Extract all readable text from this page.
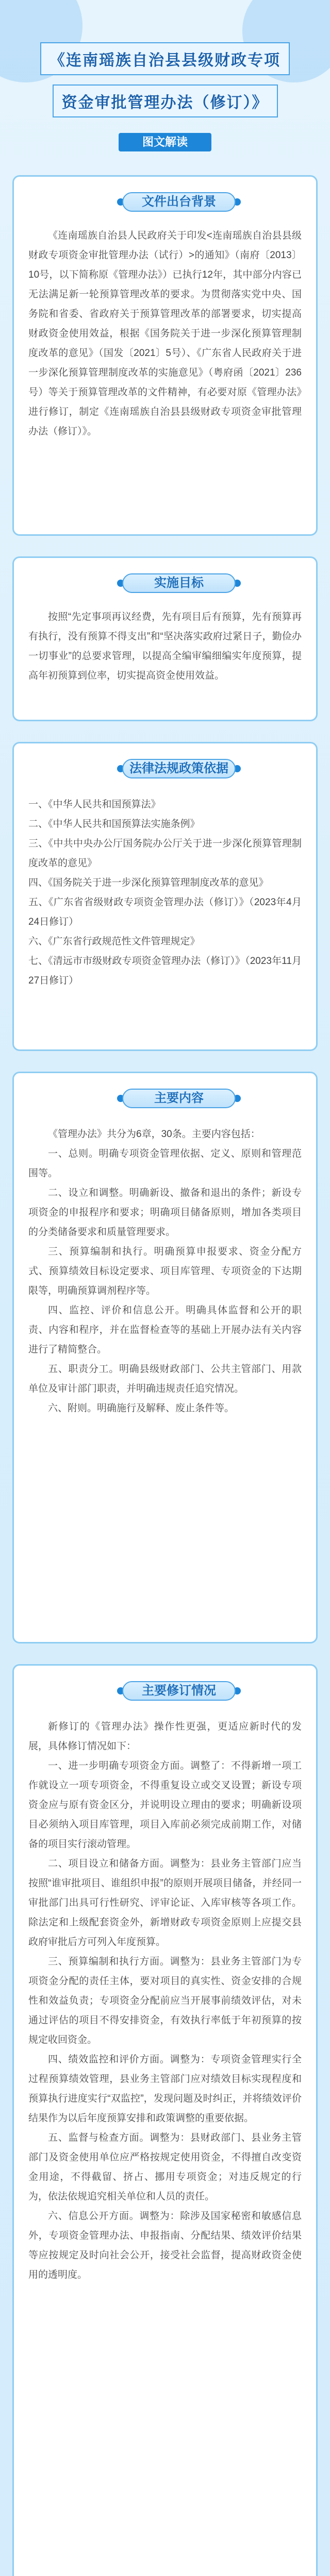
《连南瑶族自治县县级财政专项
资金审批管理办法（修订）》
图文解读
文件出台背景

《连南瑶族自治县人民政府关于印发<连南瑶族自治县县级财政专项资金审批管理办法（试行）>的通知》（南府〔2013〕10号，以下简称原《管理办法》）已执行12年，其中部分内容已无法满足新一轮预算管理改革的要求。为贯彻落实党中央、国务院和省委、省政府关于预算管理改革的部署要求，切实提高财政资金使用效益，根据《国务院关于进一步深化预算管理制度改革的意见》（国发〔2021〕5号）、《广东省人民政府关于进一步深化预算管理制度改革的实施意见》（粤府函〔2021〕236号）等关于预算管理改革的文件精神，有必要对原《管理办法》进行修订，制定《连南瑶族自治县县级财政专项资金审批管理办法（修订）》。

实施目标

按照“先定事项再议经费，先有项目后有预算，先有预算再有执行，没有预算不得支出”和“坚决落实政府过紧日子，勤俭办一切事业”的总要求管理，以提高全编审编细编实年度预算，提高年初预算到位率，切实提高资金使用效益。

法律法规政策依据

一、《中华人民共和国预算法》

二、《中华人民共和国预算法实施条例》

三、《中共中央办公厅国务院办公厅关于进一步深化预算管理制度改革的意见》

四、《国务院关于进一步深化预算管理制度改革的意见》

五、《广东省省级财政专项资金管理办法（修订）》（2023年4月24日修订）

六、《广东省行政规范性文件管理规定》

七、《清远市市级财政专项资金管理办法（修订）》（2023年11月27日修订）

主要内容

《管理办法》共分为6章，30条。主要内容包括：

一、总则。明确专项资金管理依据、定义、原则和管理范围等。

二、设立和调整。明确新设、撤备和退出的条件；新设专项资金的申报程序和要求；明确项目储备原则，增加各类项目的分类储备要求和质量管理要求。

三、预算编制和执行。明确预算申报要求、资金分配方式、预算绩效目标设定要求、项目库管理、专项资金的下达期限等，明确预算调剂程序等。

四、监控、评价和信息公开。明确具体监督和公开的职责、内容和程序，并在监督检查等的基础上开展办法有关内容进行了精简整合。

五、职责分工。明确县级财政部门、公共主管部门、用款单位及审计部门职责，并明确违规责任追究情况。

六、附则。明确施行及解释、废止条件等。

主要修订情况

新修订的《管理办法》操作性更强，更适应新时代的发展，具体修订情况如下：

一、进一步明确专项资金方面。调整了：不得新增一项工作就设立一项专项资金，不得重复设立或交叉设置；新设专项资金应与原有资金区分，并说明设立理由的要求；明确新设项目必须纳入项目库管理，项目入库前必须完成前期工作，对储备的项目实行滚动管理。

二、项目设立和储备方面。调整为：县业务主管部门应当按照“谁审批项目、谁组织申报”的原则开展项目储备，并经同一审批部门出具可行性研究、评审论证、入库审核等各项工作。除法定和上级配套资金外，新增财政专项资金原则上应提交县政府审批后方可列入年度预算。

三、预算编制和执行方面。调整为：县业务主管部门为专项资金分配的责任主体，要对项目的真实性、资金安排的合规性和效益负责；专项资金分配前应当开展事前绩效评估，对未通过评估的项目不得安排资金，有效执行率低于年初预算的按规定收回资金。

四、绩效监控和评价方面。调整为：专项资金管理实行全过程预算绩效管理，县业务主管部门应对绩效目标实现程度和预算执行进度实行“双监控”，发现问题及时纠正，并将绩效评价结果作为以后年度预算安排和政策调整的重要依据。

五、监督与检查方面。调整为：县财政部门、县业务主管部门及资金使用单位应严格按规定使用资金，不得擅自改变资金用途，不得截留、挤占、挪用专项资金；对违反规定的行为，依法依规追究相关单位和人员的责任。

六、信息公开方面。调整为：除涉及国家秘密和敏感信息外，专项资金管理办法、申报指南、分配结果、绩效评价结果等应按规定及时向社会公开，接受社会监督，提高财政资金使用的透明度。
